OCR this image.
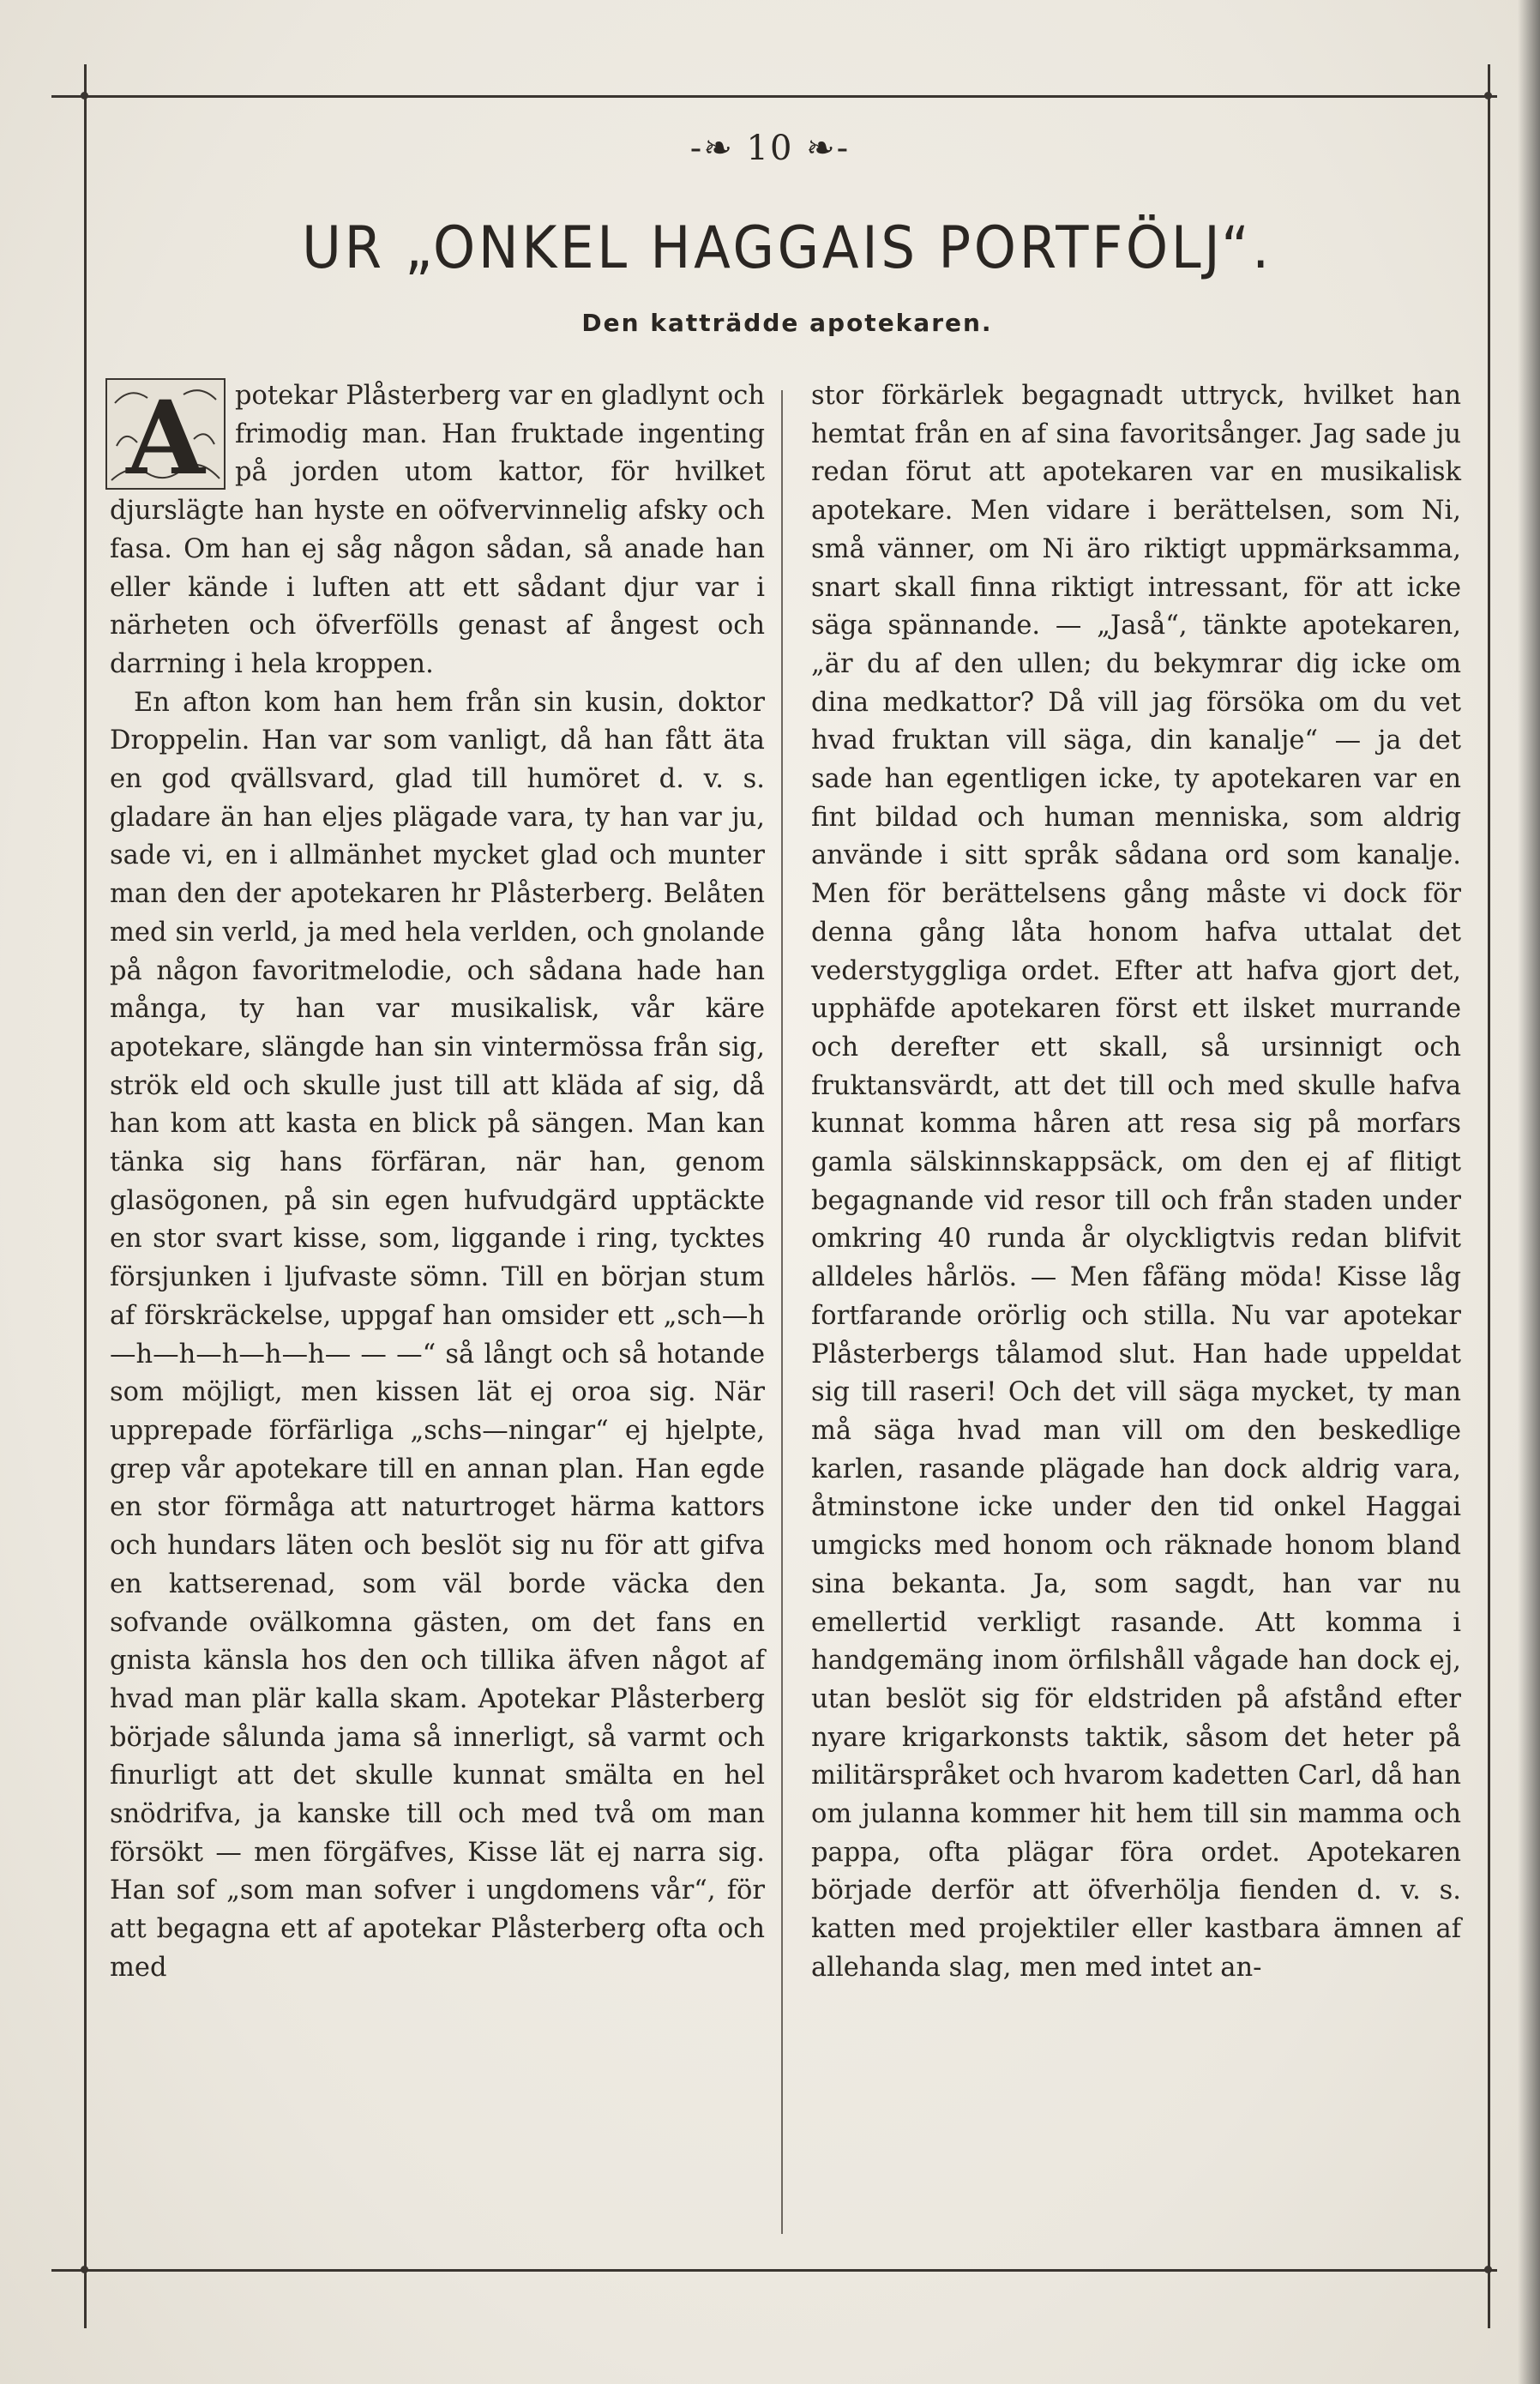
-❧ 10 ❧-
UR „ONKEL HAGGAIS PORTFÖLJ“.
Den katträdde apotekaren.

A potekar Plåsterberg var en gladlynt och frimodig man. Han fruktade ingenting på jorden utom kattor, för hvilket djurslägte han hyste en oöfvervinnelig afsky och fasa. Om han ej såg någon sådan, så anade han eller kände i luften att ett sådant djur var i närheten och öfverfölls genast af ångest och darrning i hela kroppen.

En afton kom han hem från sin kusin, doktor Droppelin. Han var som vanligt, då han fått äta en god qvällsvard, glad till humöret d. v. s. gladare än han eljes plägade vara, ty han var ju, sade vi, en i allmänhet mycket glad och munter man den der apotekaren hr Plåsterberg. Belåten med sin verld, ja med hela verlden, och gnolande på någon favoritmelodie, och sådana hade han många, ty han var musikalisk, vår käre apotekare, slängde han sin vintermössa från sig, strök eld och skulle just till att kläda af sig, då han kom att kasta en blick på sängen. Man kan tänka sig hans förfäran, när han, genom glasögonen, på sin egen hufvudgärd upptäckte en stor svart kisse, som, liggande i ring, tycktes försjunken i ljufvaste sömn. Till en början stum af förskräckelse, uppgaf han omsider ett „sch—h—h—h—h—h—h— — —“ så långt och så hotande som möjligt, men kissen lät ej oroa sig. När upprepade förfärliga „schs—ningar“ ej hjelpte, grep vår apotekare till en annan plan. Han egde en stor förmåga att naturtroget härma kattors och hundars läten och beslöt sig nu för att gifva en kattserenad, som väl borde väcka den sofvande ovälkomna gästen, om det fans en gnista känsla hos den och tillika äfven något af hvad man plär kalla skam. Apotekar Plåsterberg började sålunda jama så innerligt, så varmt och finurligt att det skulle kunnat smälta en hel snödrifva, ja kanske till och med två om man försökt — men förgäfves, Kisse lät ej narra sig. Han sof „som man sofver i ungdomens vår“, för att begagna ett af apotekar Plåsterberg ofta och med

stor förkärlek begagnadt uttryck, hvilket han hemtat från en af sina favoritsånger. Jag sade ju redan förut att apotekaren var en musikalisk apotekare. Men vidare i berättelsen, som Ni, små vänner, om Ni äro riktigt uppmärksamma, snart skall finna riktigt intressant, för att icke säga spännande. — „Jaså“, tänkte apotekaren, „är du af den ullen; du bekymrar dig icke om dina medkattor? Då vill jag försöka om du vet hvad fruktan vill säga, din kanalje“ — ja det sade han egentligen icke, ty apotekaren var en fint bildad och human menniska, som aldrig använde i sitt språk sådana ord som kanalje. Men för berättelsens gång måste vi dock för denna gång låta honom hafva uttalat det vederstyggliga ordet. Efter att hafva gjort det, upphäfde apotekaren först ett ilsket murrande och derefter ett skall, så ursinnigt och fruktansvärdt, att det till och med skulle hafva kunnat komma håren att resa sig på morfars gamla sälskinnskappsäck, om den ej af flitigt begagnande vid resor till och från staden under omkring 40 runda år olyckligtvis redan blifvit alldeles hårlös. — Men fåfäng möda! Kisse låg fortfarande orörlig och stilla. Nu var apotekar Plåsterbergs tålamod slut. Han hade uppeldat sig till raseri! Och det vill säga mycket, ty man må säga hvad man vill om den beskedlige karlen, rasande plägade han dock aldrig vara, åtminstone icke under den tid onkel Haggai umgicks med honom och räknade honom bland sina bekanta. Ja, som sagdt, han var nu emellertid verkligt rasande. Att komma i handgemäng inom örfilshåll vågade han dock ej, utan beslöt sig för eldstriden på afstånd efter nyare krigarkonsts taktik, såsom det heter på militärspråket och hvarom kadetten Carl, då han om julanna kommer hit hem till sin mamma och pappa, ofta plägar föra ordet. Apotekaren började derför att öfverhölja fienden d. v. s. katten med projektiler eller kastbara ämnen af allehanda slag, men med intet an-
